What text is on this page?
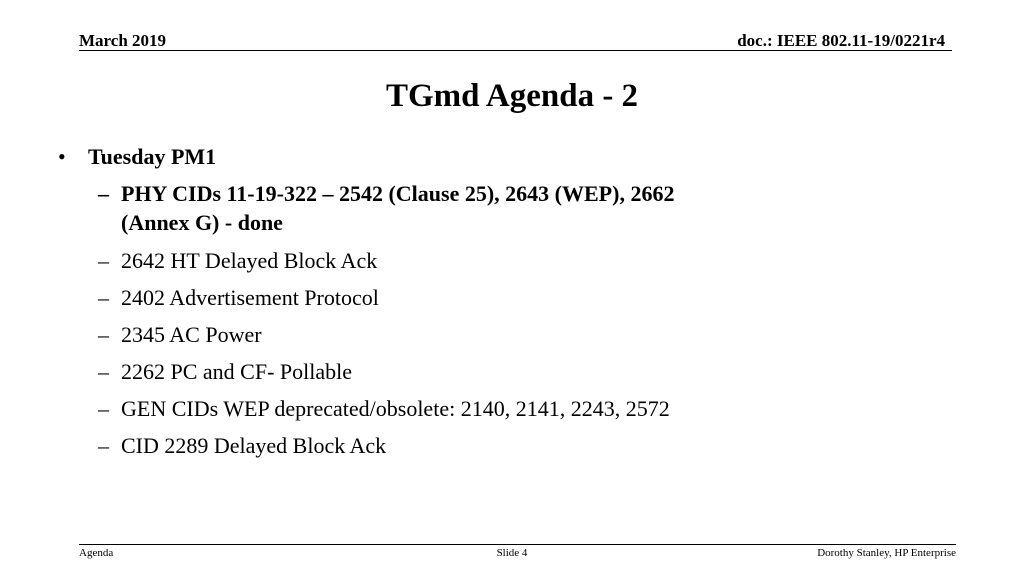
March 2019	doc.: IEEE 802.11-19/0221r4
TGmd Agenda - 2
• Tuesday PM1
– PHY CIDs 11-19-322 – 2542 (Clause 25), 2643 (WEP), 2662
(Annex G) - done
– 2642 HT Delayed Block Ack
– 2402 Advertisement Protocol
– 2345 AC Power
– 2262 PC and CF- Pollable
– GEN CIDs WEP deprecated/obsolete: 2140, 2141, 2243, 2572
– CID 2289 Delayed Block Ack
Agenda	Slide 4	Dorothy Stanley, HP Enterprise
